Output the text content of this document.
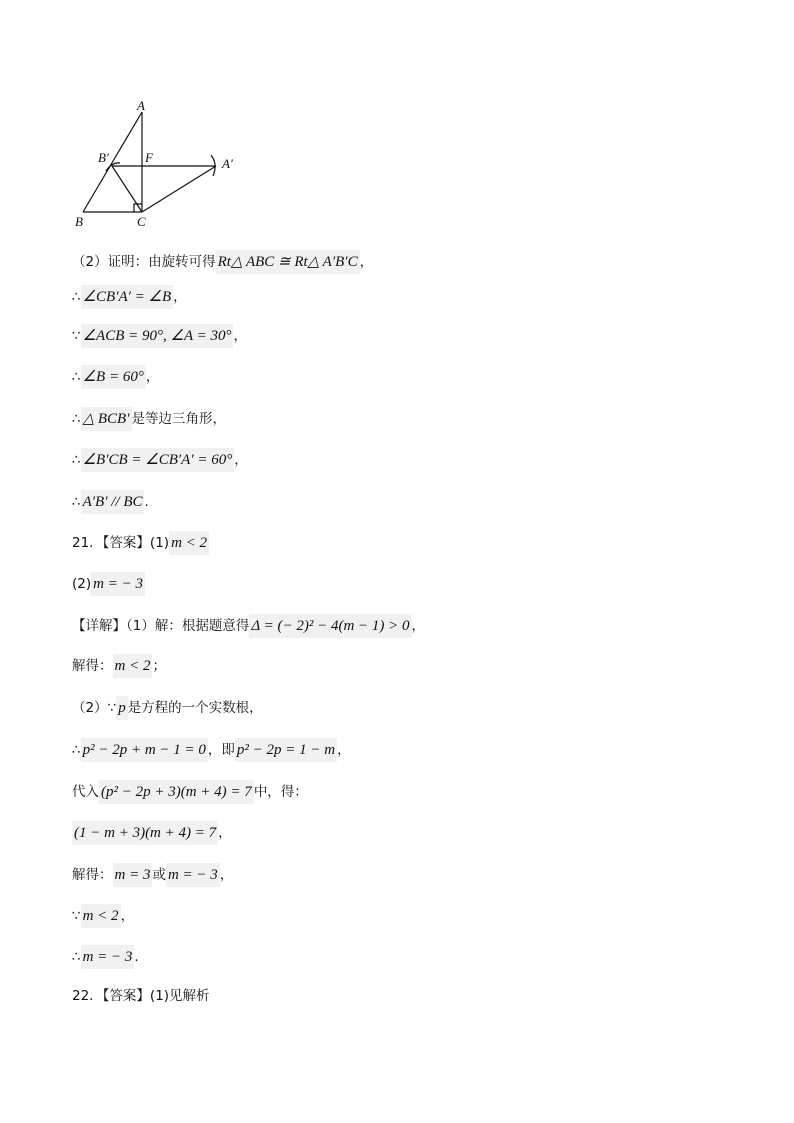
A
B′	F	A′
B	C
（2）证明：由旋转可得 Rt△ ABC ≅ Rt△ A′B′C ，
∴ ∠CB′A′ = ∠B ，
∵ ∠ACB = 90°, ∠A = 30° ，
∴ ∠B = 60° ，
∴ △ BCB′ 是等边三角形，
∴ ∠B′CB = ∠CB′A′ = 60° ，
∴ A′B′ // BC .
21．【答案】(1) m < 2
(2) m = − 3
【详解】（1）解：根据题意得 Δ = (− 2)² − 4(m − 1) > 0 ，
解得： m < 2 ；
（2）∵ p 是方程的一个实数根，
∴ p² − 2p + m − 1 = 0 ，即 p² − 2p = 1 − m ，
代入 (p² − 2p + 3)(m + 4) = 7 中，得：
(1 − m + 3)(m + 4) = 7 ，
解得： m = 3 或 m = − 3 ，
∵ m < 2 ，
∴ m = − 3 .
22．【答案】(1)见解析
